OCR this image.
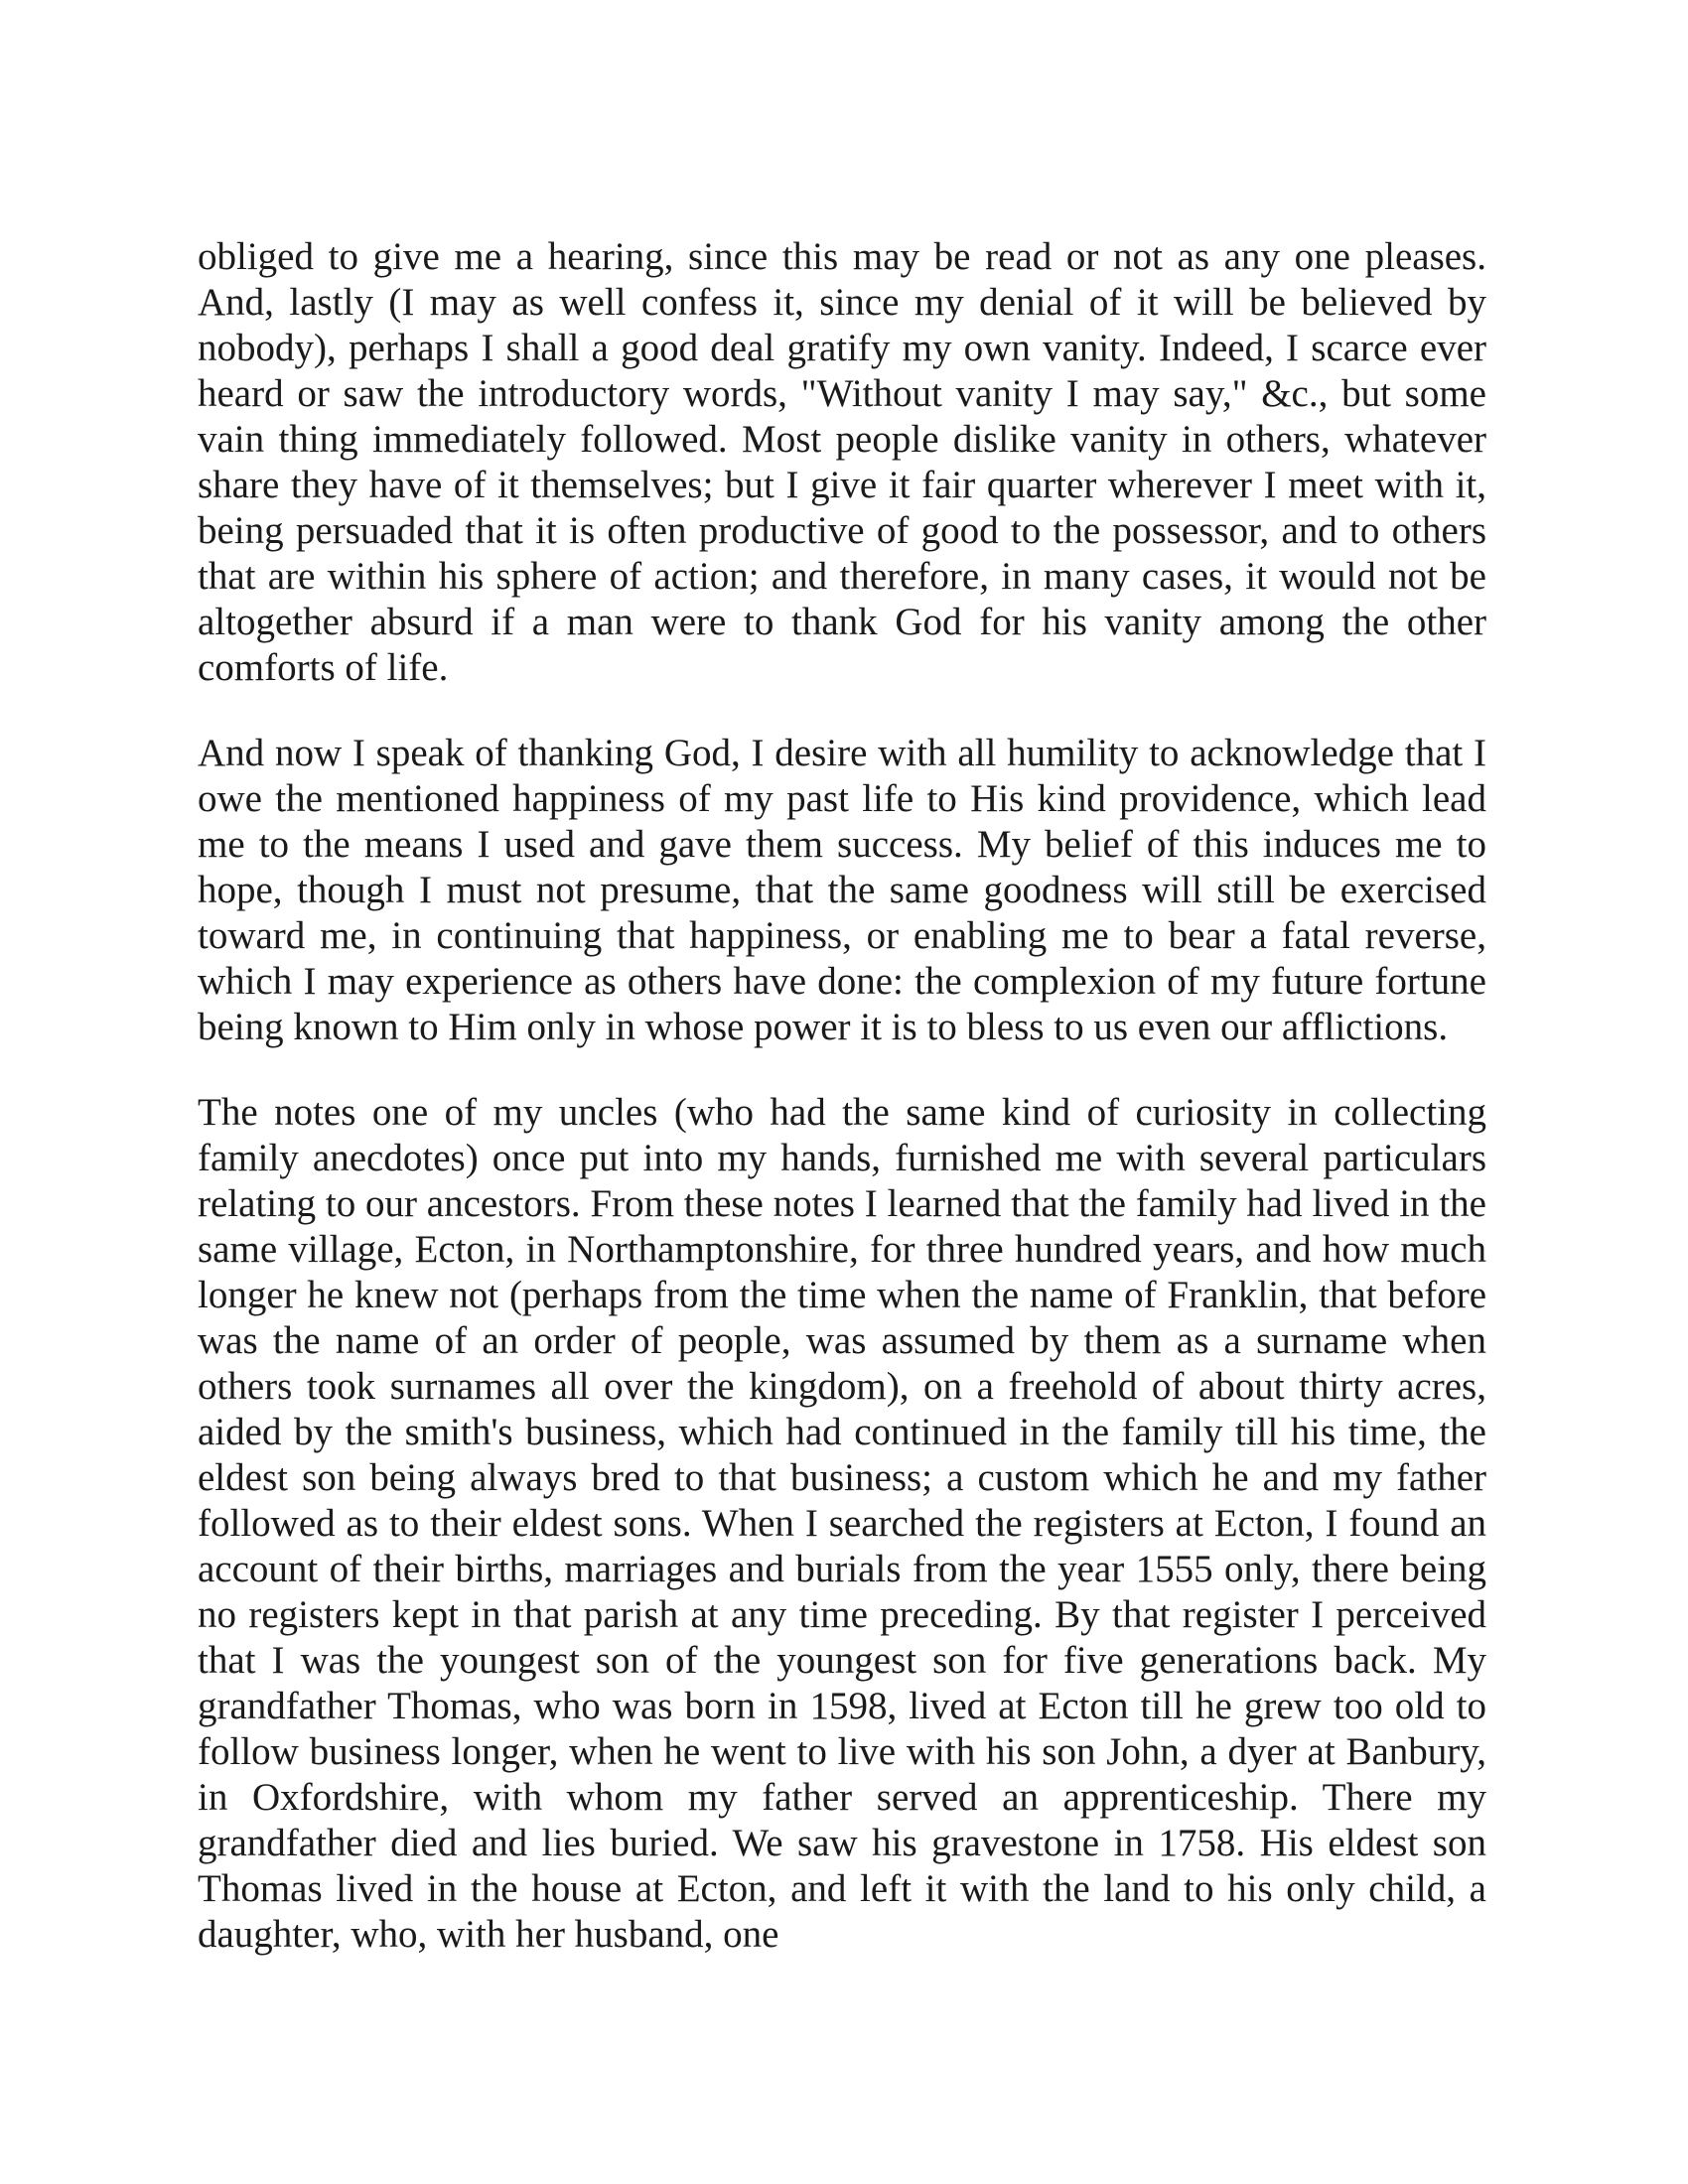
obliged to give me a hearing, since this may be read or not as any one pleases. And, lastly (I may as well confess it, since my denial of it will be believed by nobody), perhaps I shall a good deal gratify my own vanity. Indeed, I scarce ever heard or saw the introductory words, "Without vanity I may say," &c., but some vain thing immediately followed. Most people dislike vanity in others, whatever share they have of it themselves; but I give it fair quarter wherever I meet with it, being persuaded that it is often productive of good to the possessor, and to others that are within his sphere of action; and therefore, in many cases, it would not be altogether absurd if a man were to thank God for his vanity among the other comforts of life.

And now I speak of thanking God, I desire with all humility to acknowledge that I owe the mentioned happiness of my past life to His kind providence, which lead me to the means I used and gave them success. My belief of this induces me to hope, though I must not presume, that the same goodness will still be exercised toward me, in continuing that happiness, or enabling me to bear a fatal reverse, which I may experience as others have done: the complexion of my future fortune being known to Him only in whose power it is to bless to us even our afflictions.

The notes one of my uncles (who had the same kind of curiosity in collecting family anecdotes) once put into my hands, furnished me with several particulars relating to our ancestors. From these notes I learned that the family had lived in the same village, Ecton, in Northamptonshire, for three hundred years, and how much longer he knew not (perhaps from the time when the name of Franklin, that before was the name of an order of people, was assumed by them as a surname when others took surnames all over the kingdom), on a freehold of about thirty acres, aided by the smith's business, which had continued in the family till his time, the eldest son being always bred to that business; a custom which he and my father followed as to their eldest sons. When I searched the registers at Ecton, I found an account of their births, marriages and burials from the year 1555 only, there being no registers kept in that parish at any time preceding. By that register I perceived that I was the youngest son of the youngest son for five generations back. My grandfather Thomas, who was born in 1598, lived at Ecton till he grew too old to follow business longer, when he went to live with his son John, a dyer at Banbury, in Oxfordshire, with whom my father served an apprenticeship. There my grandfather died and lies buried. We saw his gravestone in 1758. His eldest son Thomas lived in the house at Ecton, and left it with the land to his only child, a daughter, who, with her husband, one
